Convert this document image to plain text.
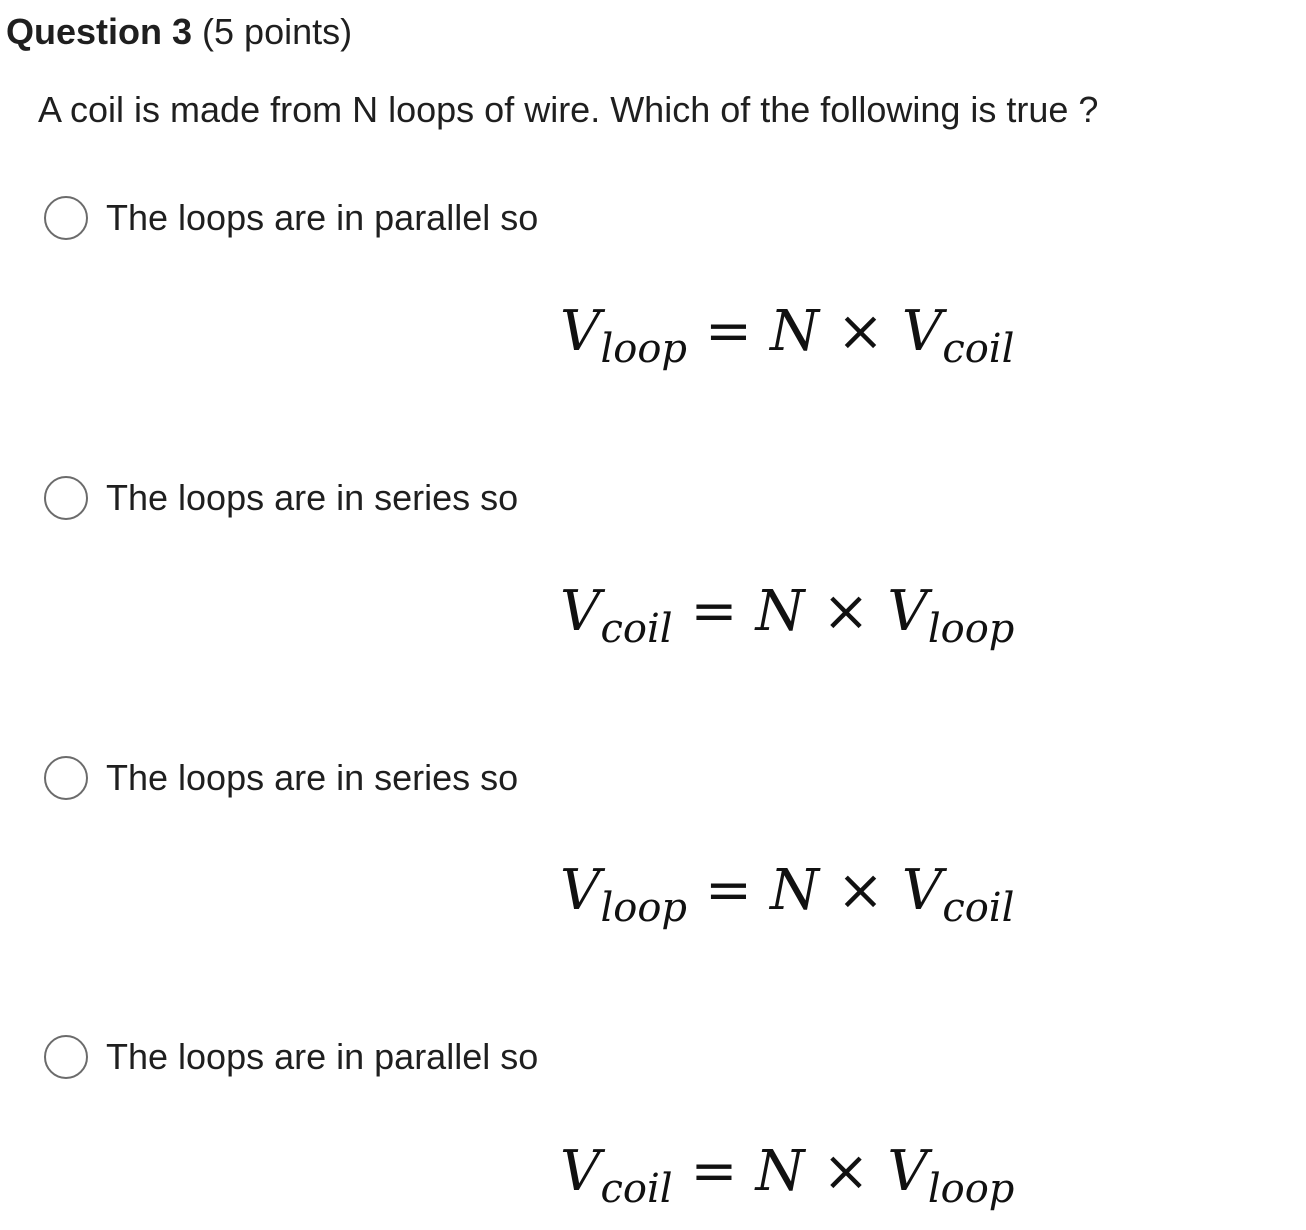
Question 3 (5 points)
A coil is made from N loops of wire. Which of the following is true ?
The loops are in parallel so
$V_{loop} = N \times V_{coil}$
The loops are in series so
$V_{coil} = N \times V_{loop}$
The loops are in series so
$V_{loop} = N \times V_{coil}$
The loops are in parallel so
$V_{coil} = N \times V_{loop}$
